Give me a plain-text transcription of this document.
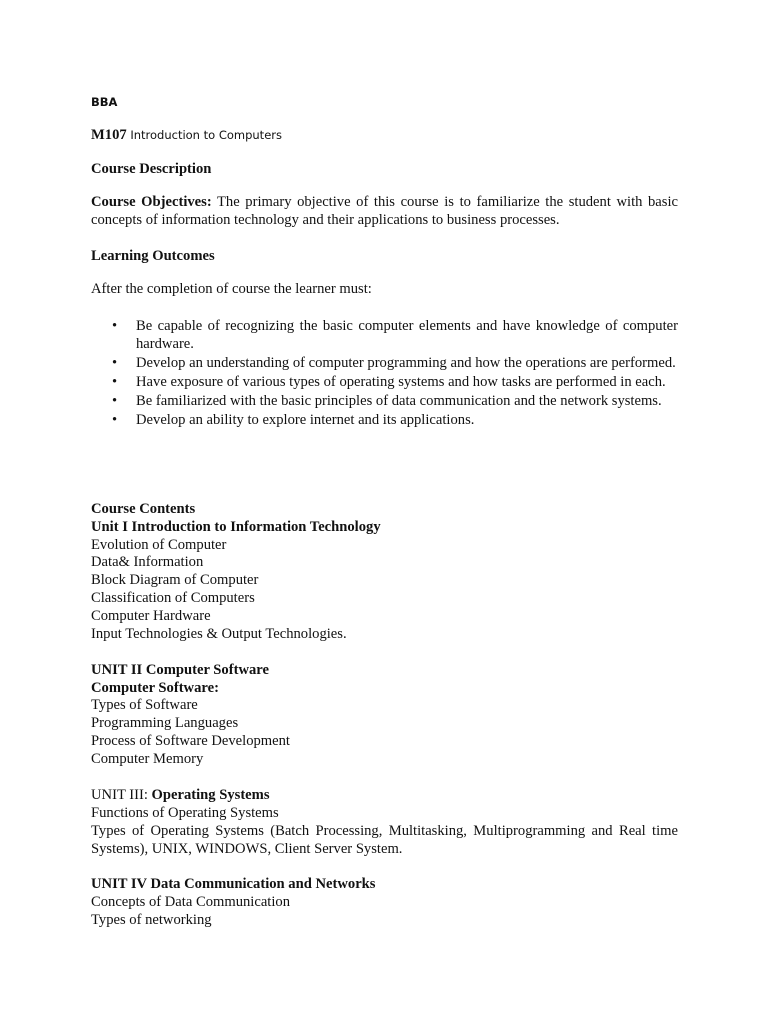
BBA
M107 Introduction to Computers
Course Description
Course Objectives: The primary objective of this course is to familiarize the student with basic concepts of information technology and their applications to business processes.
Learning Outcomes
After the completion of course the learner must:
•	Be capable of recognizing the basic computer elements and have knowledge of computer hardware.
•	Develop an understanding of computer programming and how the operations are performed.
•	Have exposure of various types of operating systems and how tasks are performed in each.
•	Be familiarized with the basic principles of data communication and the network systems.
•	Develop an ability to explore internet and its applications.
Course Contents
Unit I Introduction to Information Technology
Evolution of Computer
Data& Information
Block Diagram of Computer
Classification of Computers
Computer Hardware
Input Technologies & Output Technologies.
UNIT II Computer Software
Computer Software:
Types of Software
Programming Languages
Process of Software Development
Computer Memory
UNIT III: Operating Systems
Functions of Operating Systems
Types of Operating Systems (Batch Processing, Multitasking, Multiprogramming and Real time Systems), UNIX, WINDOWS, Client Server System.
UNIT IV Data Communication and Networks
Concepts of Data Communication
Types of networking
